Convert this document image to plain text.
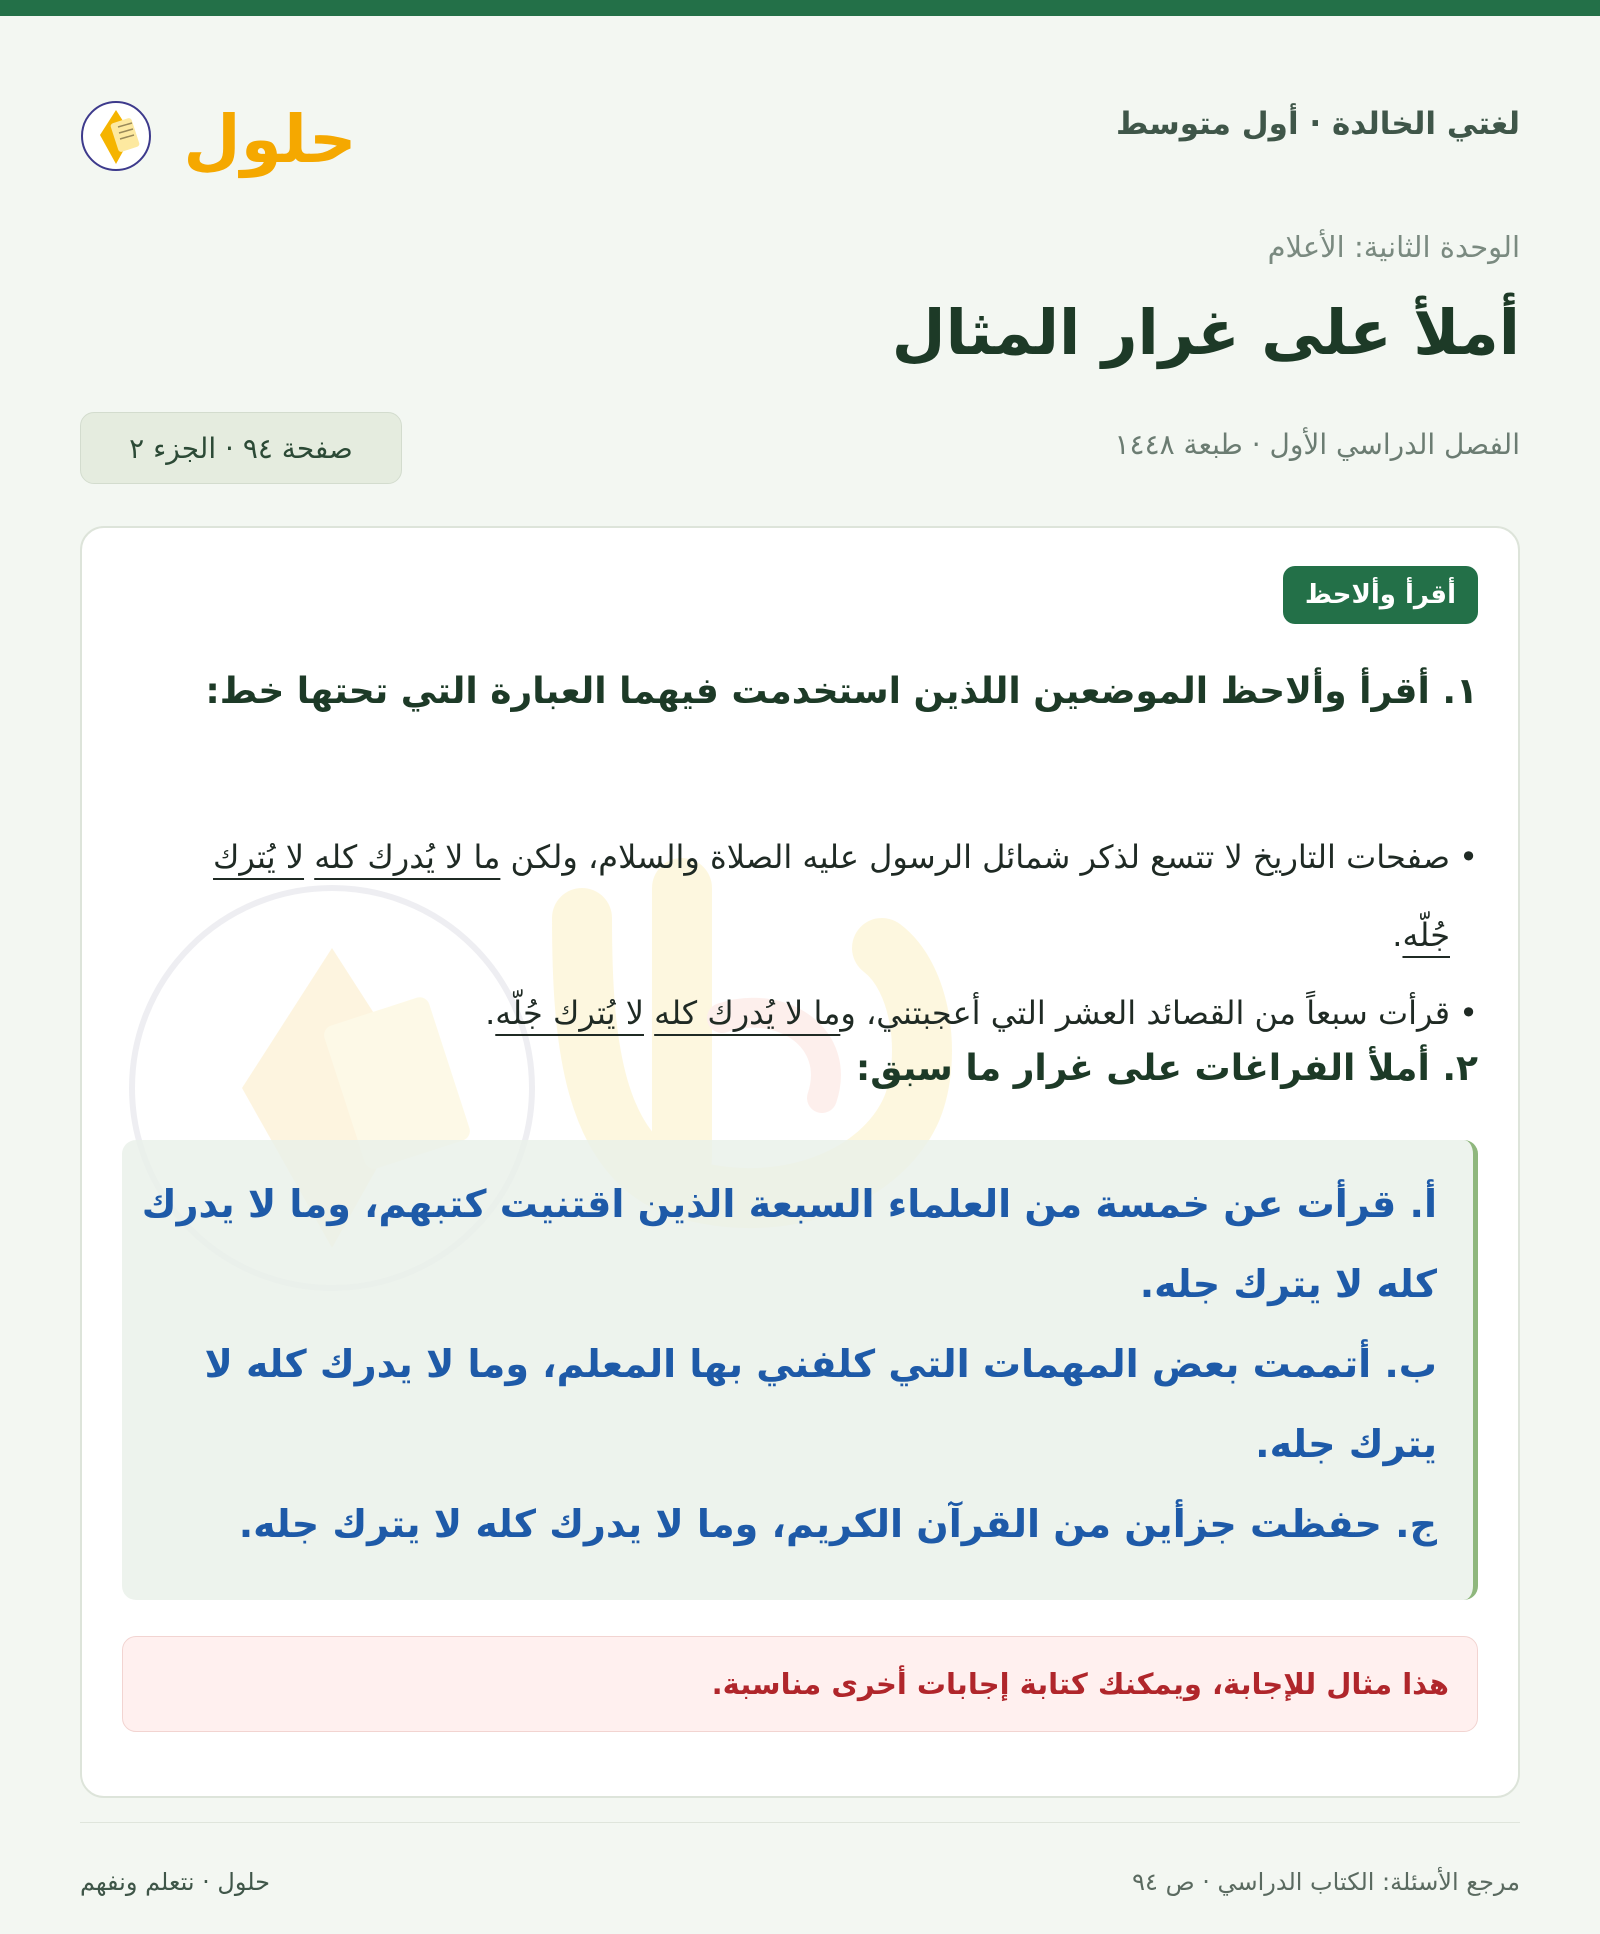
لغتي الخالدة · أول متوسط
حلول
الوحدة الثانية: الأعلام
أملأ على غرار المثال
الفصل الدراسي الأول · طبعة ١٤٤٨
صفحة ٩٤ · الجزء ٢
أقرأ وألاحظ
١. أقرأ وألاحظ الموضعين اللذين استخدمت فيهما العبارة التي تحتها خط:
• صفحات التاريخ لا تتسع لذكر شمائل الرسول عليه الصلاة والسلام، ولكن ما لا يُدرك كله لا يُترك جُلّه.
• قرأت سبعاً من القصائد العشر التي أعجبتني، وما لا يُدرك كله لا يُترك جُلّه.
٢. أملأ الفراغات على غرار ما سبق:
أ. قرأت عن خمسة من العلماء السبعة الذين اقتنيت كتبهم، وما لا يدرك كله لا يترك جله.
ب. أتممت بعض المهمات التي كلفني بها المعلم، وما لا يدرك كله لا يترك جله.
ج. حفظت جزأين من القرآن الكريم، وما لا يدرك كله لا يترك جله.
هذا مثال للإجابة، ويمكنك كتابة إجابات أخرى مناسبة.
مرجع الأسئلة: الكتاب الدراسي · ص ٩٤
حلول · نتعلم ونفهم
